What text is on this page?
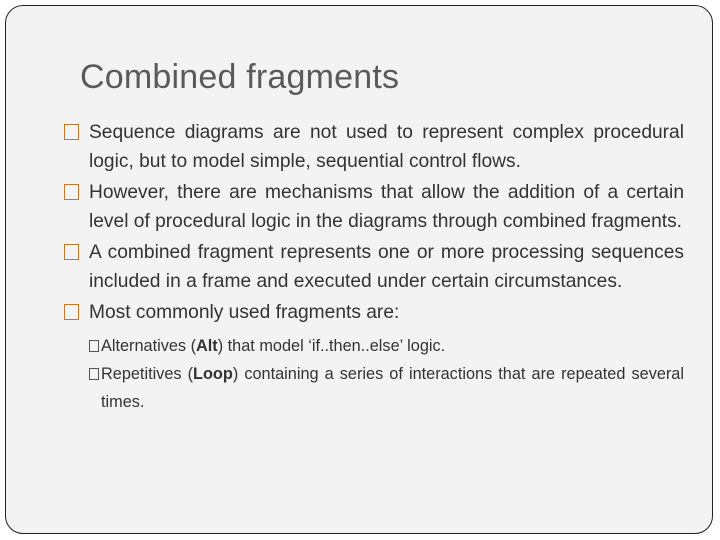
Combined fragments
Sequence diagrams are not used to represent complex procedural logic, but to model simple, sequential control flows.
However, there are mechanisms that allow the addition of a certain level of procedural logic in the diagrams through combined fragments.
A combined fragment represents one or more processing sequences included in a frame and executed under certain circumstances.
Most commonly used fragments are:
Alternatives (Alt) that model ‘if..then..else’ logic.
Repetitives (Loop) containing a series of interactions that are repeated several times.
